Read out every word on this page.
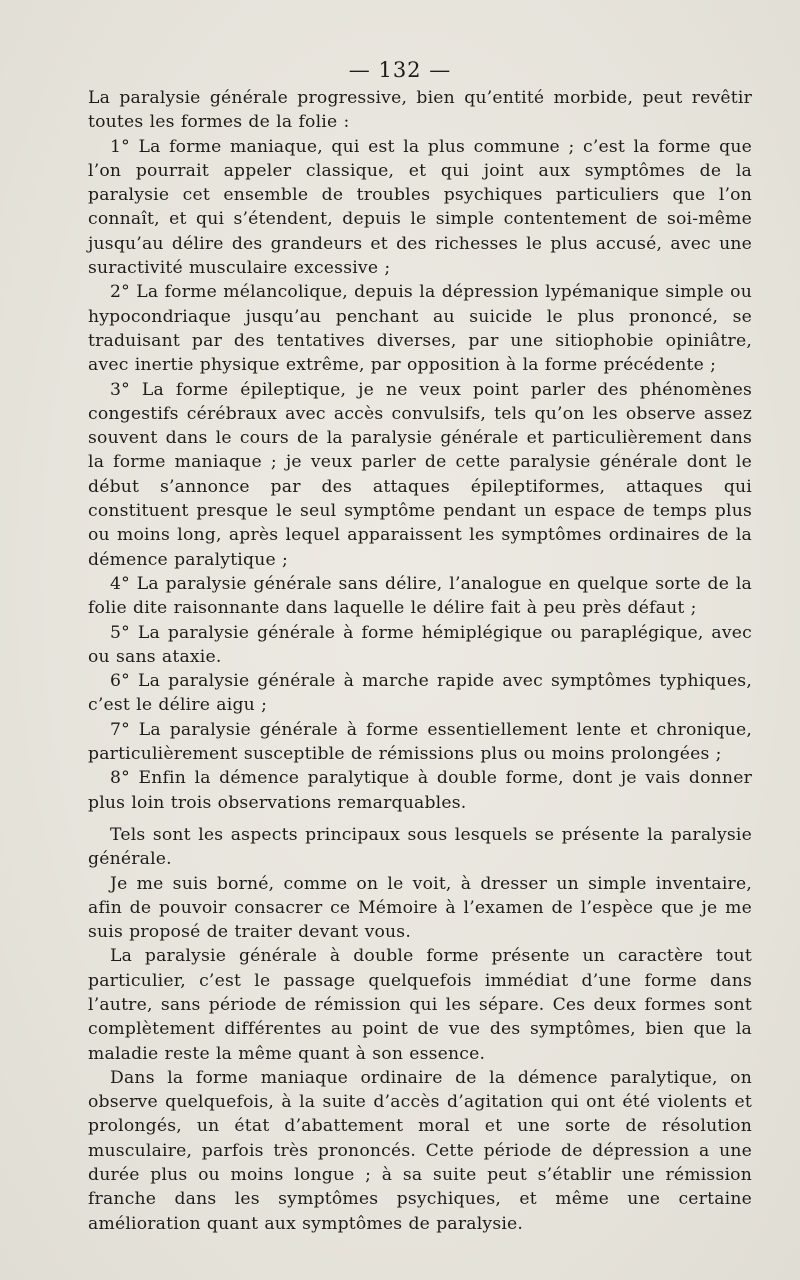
— 132 —

La paralysie générale progressive, bien qu’entité morbide, peut revêtir toutes les formes de la folie :

1° La forme maniaque, qui est la plus commune ; c’est la forme que l’on pourrait appeler classique, et qui joint aux symptômes de la paralysie cet ensemble de troubles psychiques particuliers que l’on connaît, et qui s’étendent, depuis le simple contentement de soi-même jusqu’au délire des grandeurs et des richesses le plus accusé, avec une suractivité musculaire excessive ;

2° La forme mélancolique, depuis la dépression lypémanique simple ou hypocondriaque jusqu’au penchant au suicide le plus prononcé, se traduisant par des tentatives diverses, par une sitiophobie opiniâtre, avec inertie physique extrême, par opposition à la forme précédente ;

3° La forme épileptique, je ne veux point parler des phénomènes congestifs cérébraux avec accès convulsifs, tels qu’on les observe assez souvent dans le cours de la paralysie générale et particulièrement dans la forme maniaque ; je veux parler de cette paralysie générale dont le début s’annonce par des attaques épileptiformes, attaques qui constituent presque le seul symptôme pendant un espace de temps plus ou moins long, après lequel apparaissent les symptômes ordinaires de la démence paralytique ;

4° La paralysie générale sans délire, l’analogue en quelque sorte de la folie dite raisonnante dans laquelle le délire fait à peu près défaut ;

5° La paralysie générale à forme hémiplégique ou paraplégique, avec ou sans ataxie.

6° La paralysie générale à marche rapide avec symptômes typhiques, c’est le délire aigu ;

7° La paralysie générale à forme essentiellement lente et chronique, particulièrement susceptible de rémissions plus ou moins prolongées ;

8° Enfin la démence paralytique à double forme, dont je vais donner plus loin trois observations remarquables.

Tels sont les aspects principaux sous lesquels se présente la paralysie générale.

Je me suis borné, comme on le voit, à dresser un simple inventaire, afin de pouvoir consacrer ce Mémoire à l’examen de l’espèce que je me suis proposé de traiter devant vous.

La paralysie générale à double forme présente un caractère tout particulier, c’est le passage quelquefois immédiat d’une forme dans l’autre, sans période de rémission qui les sépare. Ces deux formes sont complètement différentes au point de vue des symptômes, bien que la maladie reste la même quant à son essence.

Dans la forme maniaque ordinaire de la démence paralytique, on observe quelquefois, à la suite d’accès d’agitation qui ont été violents et prolongés, un état d’abattement moral et une sorte de résolution musculaire, parfois très prononcés. Cette période de dépression a une durée plus ou moins longue ; à sa suite peut s’établir une rémission franche dans les symptômes psychiques, et même une certaine amélioration quant aux symptômes de paralysie.
